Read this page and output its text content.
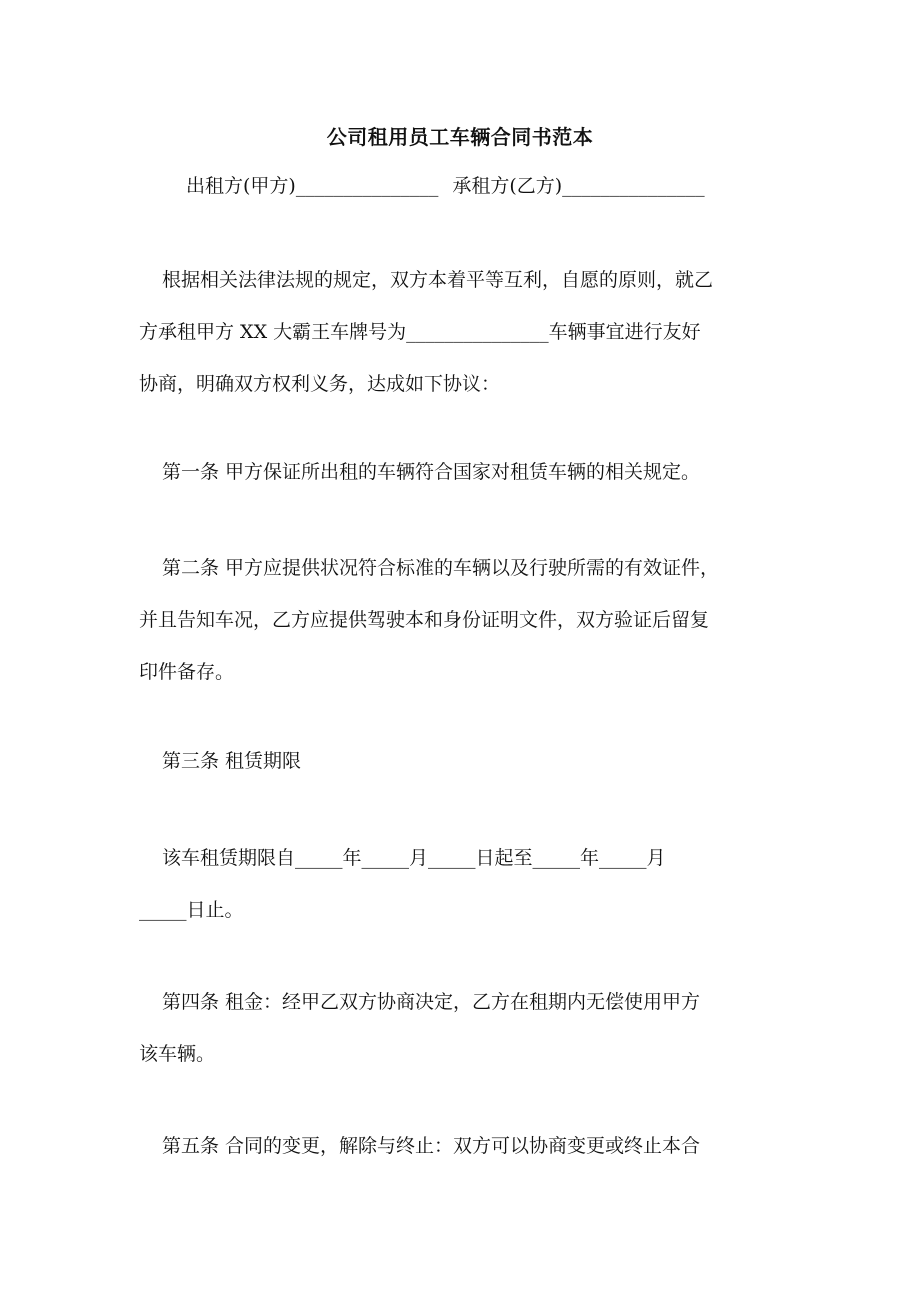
公司租用员工车辆合同书范本
出租方(甲方)_______________ 承租方(乙方)_______________
根据相关法律法规的规定，双方本着平等互利，自愿的原则，就乙
方承租甲方 XX 大霸王车牌号为_______________车辆事宜进行友好
协商，明确双方权利义务，达成如下协议：
第一条 甲方保证所出租的车辆符合国家对租赁车辆的相关规定。
第二条 甲方应提供状况符合标准的车辆以及行驶所需的有效证件，
并且告知车况，乙方应提供驾驶本和身份证明文件，双方验证后留复
印件备存。
第三条 租赁期限
该车租赁期限自_____年_____月_____日起至_____年_____月
_____日止。
第四条 租金：经甲乙双方协商决定，乙方在租期内无偿使用甲方
该车辆。
第五条 合同的变更，解除与终止：双方可以协商变更或终止本合
